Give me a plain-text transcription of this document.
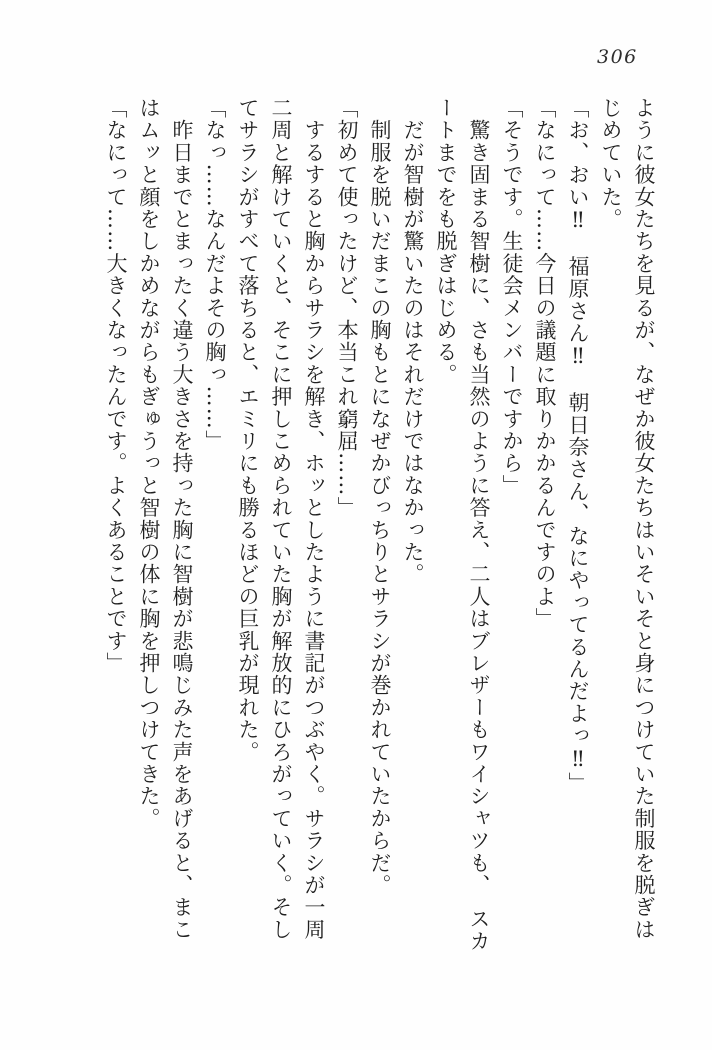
306
ように彼女たちを見るが、なぜか彼女たちはいそいそと身につけていた制服を脱ぎは
じめていた。
「お、おい‼　福原さん‼　朝日奈さん、なにやってるんだよっ‼」
「なにって……今日の議題に取りかかるんですのよ」
「そうです。生徒会メンバーですから」
　驚き固まる智樹に、さも当然のように答え、二人はブレザーもワイシャツも、　スカ
ートまでをも脱ぎはじめる。
　だが智樹が驚いたのはそれだけではなかった。
　制服を脱いだまこの胸もとになぜかびっちりとサラシが巻かれていたからだ。
「初めて使ったけど、本当これ窮屈……」
　するすると胸からサラシを解き、ホッとしたように書記がつぶやく。サラシが一周
二周と解けていくと、そこに押しこめられていた胸が解放的にひろがっていく。そし
てサラシがすべて落ちると、エミリにも勝るほどの巨乳が現れた。
「なっ……なんだよその胸っ……」
　昨日までとまったく違う大きさを持った胸に智樹が悲鳴じみた声をあげると、まこ
はムッと顔をしかめながらもぎゅうっと智樹の体に胸を押しつけてきた。
「なにって……大きくなったんです。よくあることです」
